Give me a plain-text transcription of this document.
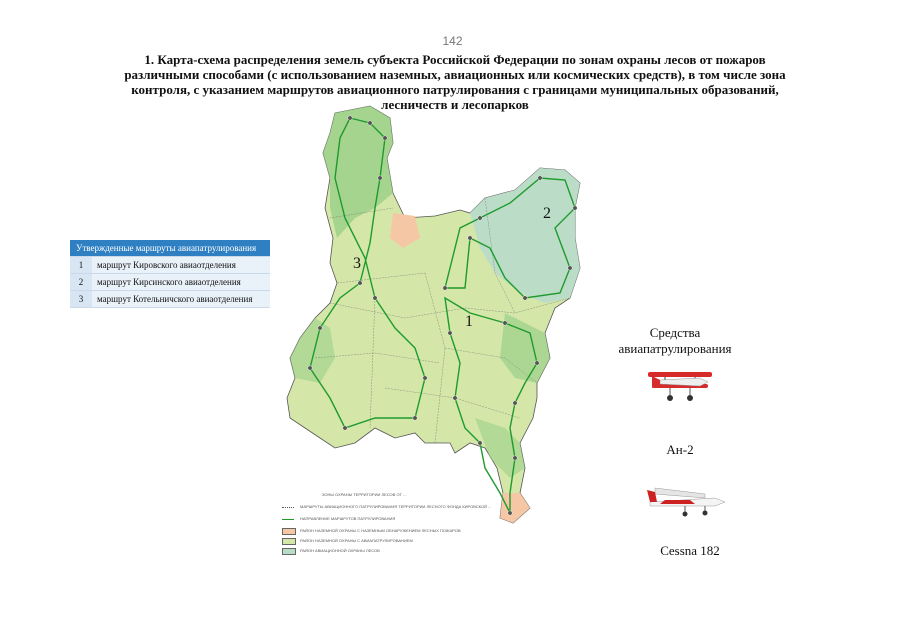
142
1. Карта-схема распределения земель субъекта Российской Федерации по зонам охраны лесов от пожаров различными способами (с использованием наземных, авиационных или космических средств), в том числе зона контроля, с указанием маршрутов авиационного патрулирования с границами муниципальных образований, лесничеств и лесопарков
1
2
3
Утвержденные маршруты авиапатрулирования	
1	маршрут Кировского авиаотделения
2	маршрут Кирсинского авиаотделения
3	маршрут Котельничского авиаотделения
ЗОНЫ ОХРАНЫ ТЕРРИТОРИИ ЛЕСОВ ОТ ...
МАРШРУТЫ АВИАЦИОННОГО ПАТРУЛИРОВАНИЯ ТЕРРИТОРИИ ЛЕСНОГО ФОНДА КИРОВСКОЙ ...
НАПРАВЛЕНИЕ МАРШРУТОВ ПАТРУЛИРОВАНИЯ
РАЙОН НАЗЕМНОЙ ОХРАНЫ С НАЗЕМНЫМ ОБНАРУЖЕНИЕМ ЛЕСНЫХ ПОЖАРОВ
РАЙОН НАЗЕМНОЙ ОХРАНЫ С АВИАПАТРУЛИРОВАНИЕМ
РАЙОН АВИАЦИОННОЙ ОХРАНЫ ЛЕСОВ
Средства авиапатрулирования
Ан-2
Cessna 182
